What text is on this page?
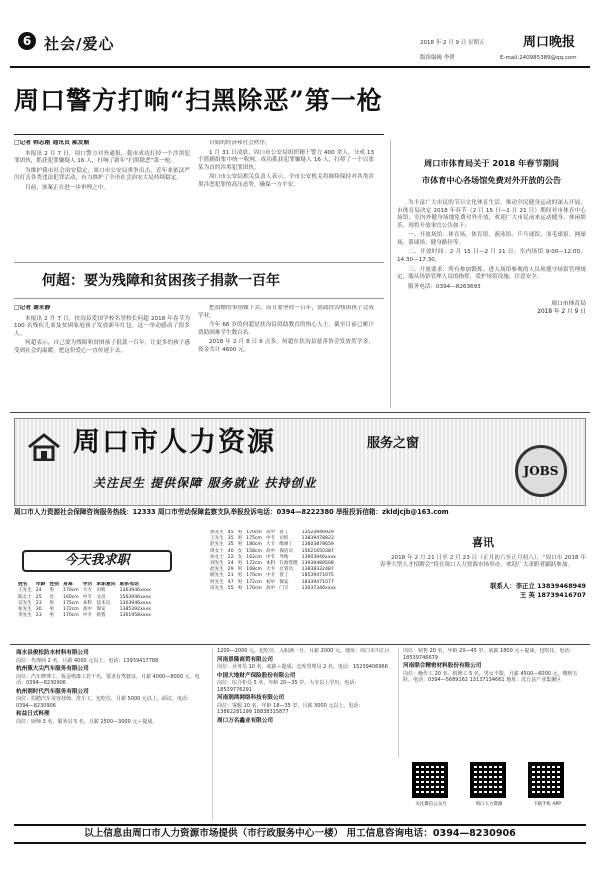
6 社会/爱心	2018 年 2 月 9 日 星期五	周口晚报
版组编辑 李碧	E-mail:240985389@qq.com
周口警方打响“扫黑除恶”第一枪
□记者 韩志刚 通讯员 郝发顺

本报讯 2 月 7 日，周口警方对外通报，我市成功打掉一个涉黑犯罪团伙，抓获犯罪嫌疑人 16 人，打响了新年“扫黑除恶”第一枪。

为维护我市社会治安稳定，周口市公安局重拳出击，近年来依法严厉打击各类违法犯罪活动，有力维护了全市社会治安大局持续稳定。

目前，该案正在进一步审理之中。

自始的经济和社会秩序。

1 月 31 日凌晨，周口市公安局组织精干警力 400 余人，分成 13 个抓捕组集中统一收网，成功抓获犯罪嫌疑人 16 人，打掉了一个以张某为首的涉黑犯罪团伙。

周口市公安局相关负责人表示，全市公安机关将继续保持对各类涉黑涉恶犯罪的高压态势，确保一方平安。

何超：要为残障和贫困孩子捐款一百年
□记者 谢永静

本报讯 2 月 7 日，扶沟县爱国学校名誉校长何超 2018 年春节为 100 名残疾儿童及贫困家庭孩子发放新年红包，这一举动感动了很多人。

何超表示，自己要为残障和贫困孩子捐款一百年，让更多的孩子感受到社会的温暖，把这份爱心一直传递下去。

把捐赠的事情做下去，而且要坚持一百年，帮助扶沟残困孩子完成学业。

今年 66 岁的何超是扶沟县资助教育的热心人士，截至目前已累计资助困难学生数百名。

2018 年 2 月 8 日 6 点多，何超在扶沟县慈善协会发放奖学金，资金共计 4600 元。

周口市体育局关于 2018 年春节期间
市体育中心各场馆免费对外开放的公告

为丰富广大市民的节日文化体育生活，推动全民健身运动的深入开展，市体育局决定 2018 年春节（2 月 15 日—2 月 21 日）期间对市体育中心场馆、室内外健身场地免费对外开放，欢迎广大市民前来运动健身、休闲娱乐。现将开放事宜公告如下：

一、开放场馆：体育场、体育馆、游泳馆、乒乓球馆、羽毛球馆、网球场、篮球场、健身路径等。

二、开放时间：2 月 15 日—2 月 21 日；室内场馆 9:00—12:00、14:30—17:30。

三、开放要求：所有参加锻炼、进入场馆参观的人员须遵守场馆管理规定，服从场馆管理人员的指挥，爱护场馆设施，注意安全。

服务电话：0394—8263693

周口市体育局
2018 年 2 月 9 日
周口市人力资源	服务之窗
关注民生 提供保障 服务就业 扶持创业
JOBS
周口市人力资源社会保障咨询服务热线：12333 周口市劳动保障监察支队举报投诉电话：0394—8222380 举报投诉信箱：zkldjcjb@163.com
今天我求职
姓名	年龄	性别	身高	学历	求职意向	联系电话
王先生	24	男	170cm	大专	司机	1363946xxxx
陈女士	25	女	160cm	中专	文员	1563946xxxx
吴先生	23	男	175cm	本科	技术员	1303946xxxx
张先生	30	男	172cm	高中	保安	1385392xxxx
李先生	23	男	170cm	中专	销售	1361958xxxx
郭先生	45	男	170cm	高中	普工	13523946929
王先生	35	男	175cm	中专	司机	13839478823
赵先生	35	男	180cm	大专	维修工	13603878659
周女士	40	女	158cm	高中	保洁员	15621650387
孙女士	22	女	162cm	中专	导购	13903946xxxx
刘先生	24	男	172cm	本科	行政管理	13939489508
赵先生	29	男	168cm	大专	仓管员	13838332487
杨先生	21	男	170cm	中专	普工	18539471075
何先生	47	男	172cm	初中	保安	18339471077
田先生	55	男	170cm	高中	门卫	13037346xxxx
喜讯

2018 年 2 月 21 日至 2 月 23 日（正月初六至正月初八），“周口市 2018 年春季大型人才招聘会”将在周口人力资源市场举办，欢迎广大求职者踊跃参加。

联系人：李正立 13839468949
王 英 18739416707
商水县俊松防水材料有限公司
岗位：代理商 2 名，月薪 4000 元以上。电话：13939417788
杭州蕉大尖汽车服务有限公司
岗位：汽车修理工、钣金喷漆工若干名，要求有驾驶证，月薪 4000—8000 元。电话：0394—8230906
杭州润时代汽车服务有限公司
岗位：招聘汽车美容技师、洗车工，包吃住，月薪 5000 元以上，面议。电话：0394—8230906
和益日式料理
岗位：厨师 3 名、服务员 5 名，月薪 2500—3000 元＋提成。
1200—2000 元，包吃住，入职满一月，月薪 2000 元。地址：周口市川汇区
河南景隆商贸有限公司
岗位：业务员 10 名，底薪＋提成；仓库管理员 2 名。电话：15239406966
中国大地财产保险股份有限公司
岗位：综合柜员 5 名，年龄 20—35 岁，大专以上学历。电话：18539776291
河南润鸿网络科技有限公司
岗位：客服 10 名，年龄 18—35 岁，月薪 3000 元以上。电话：13862281199 18838315877
周口万名鑫业有限公司
岗位：销售 20 名，年龄 20—45 岁，底薪 1800 元＋提成，包吃住。电话：18539746679
河南联合精密材料股份有限公司
岗位：操作工 20 名、机修工 5 名，男女不限，月薪 4500—6000 元，缴纳五险。电话：0394—5689162 13137134661 地址：沈丘县产业集聚区
关注微信公众号	周口人力资源	下载手机 APP
以上信息由周口市人力资源市场提供（市行政服务中心一楼） 用工信息咨询电话：0394—8230906
